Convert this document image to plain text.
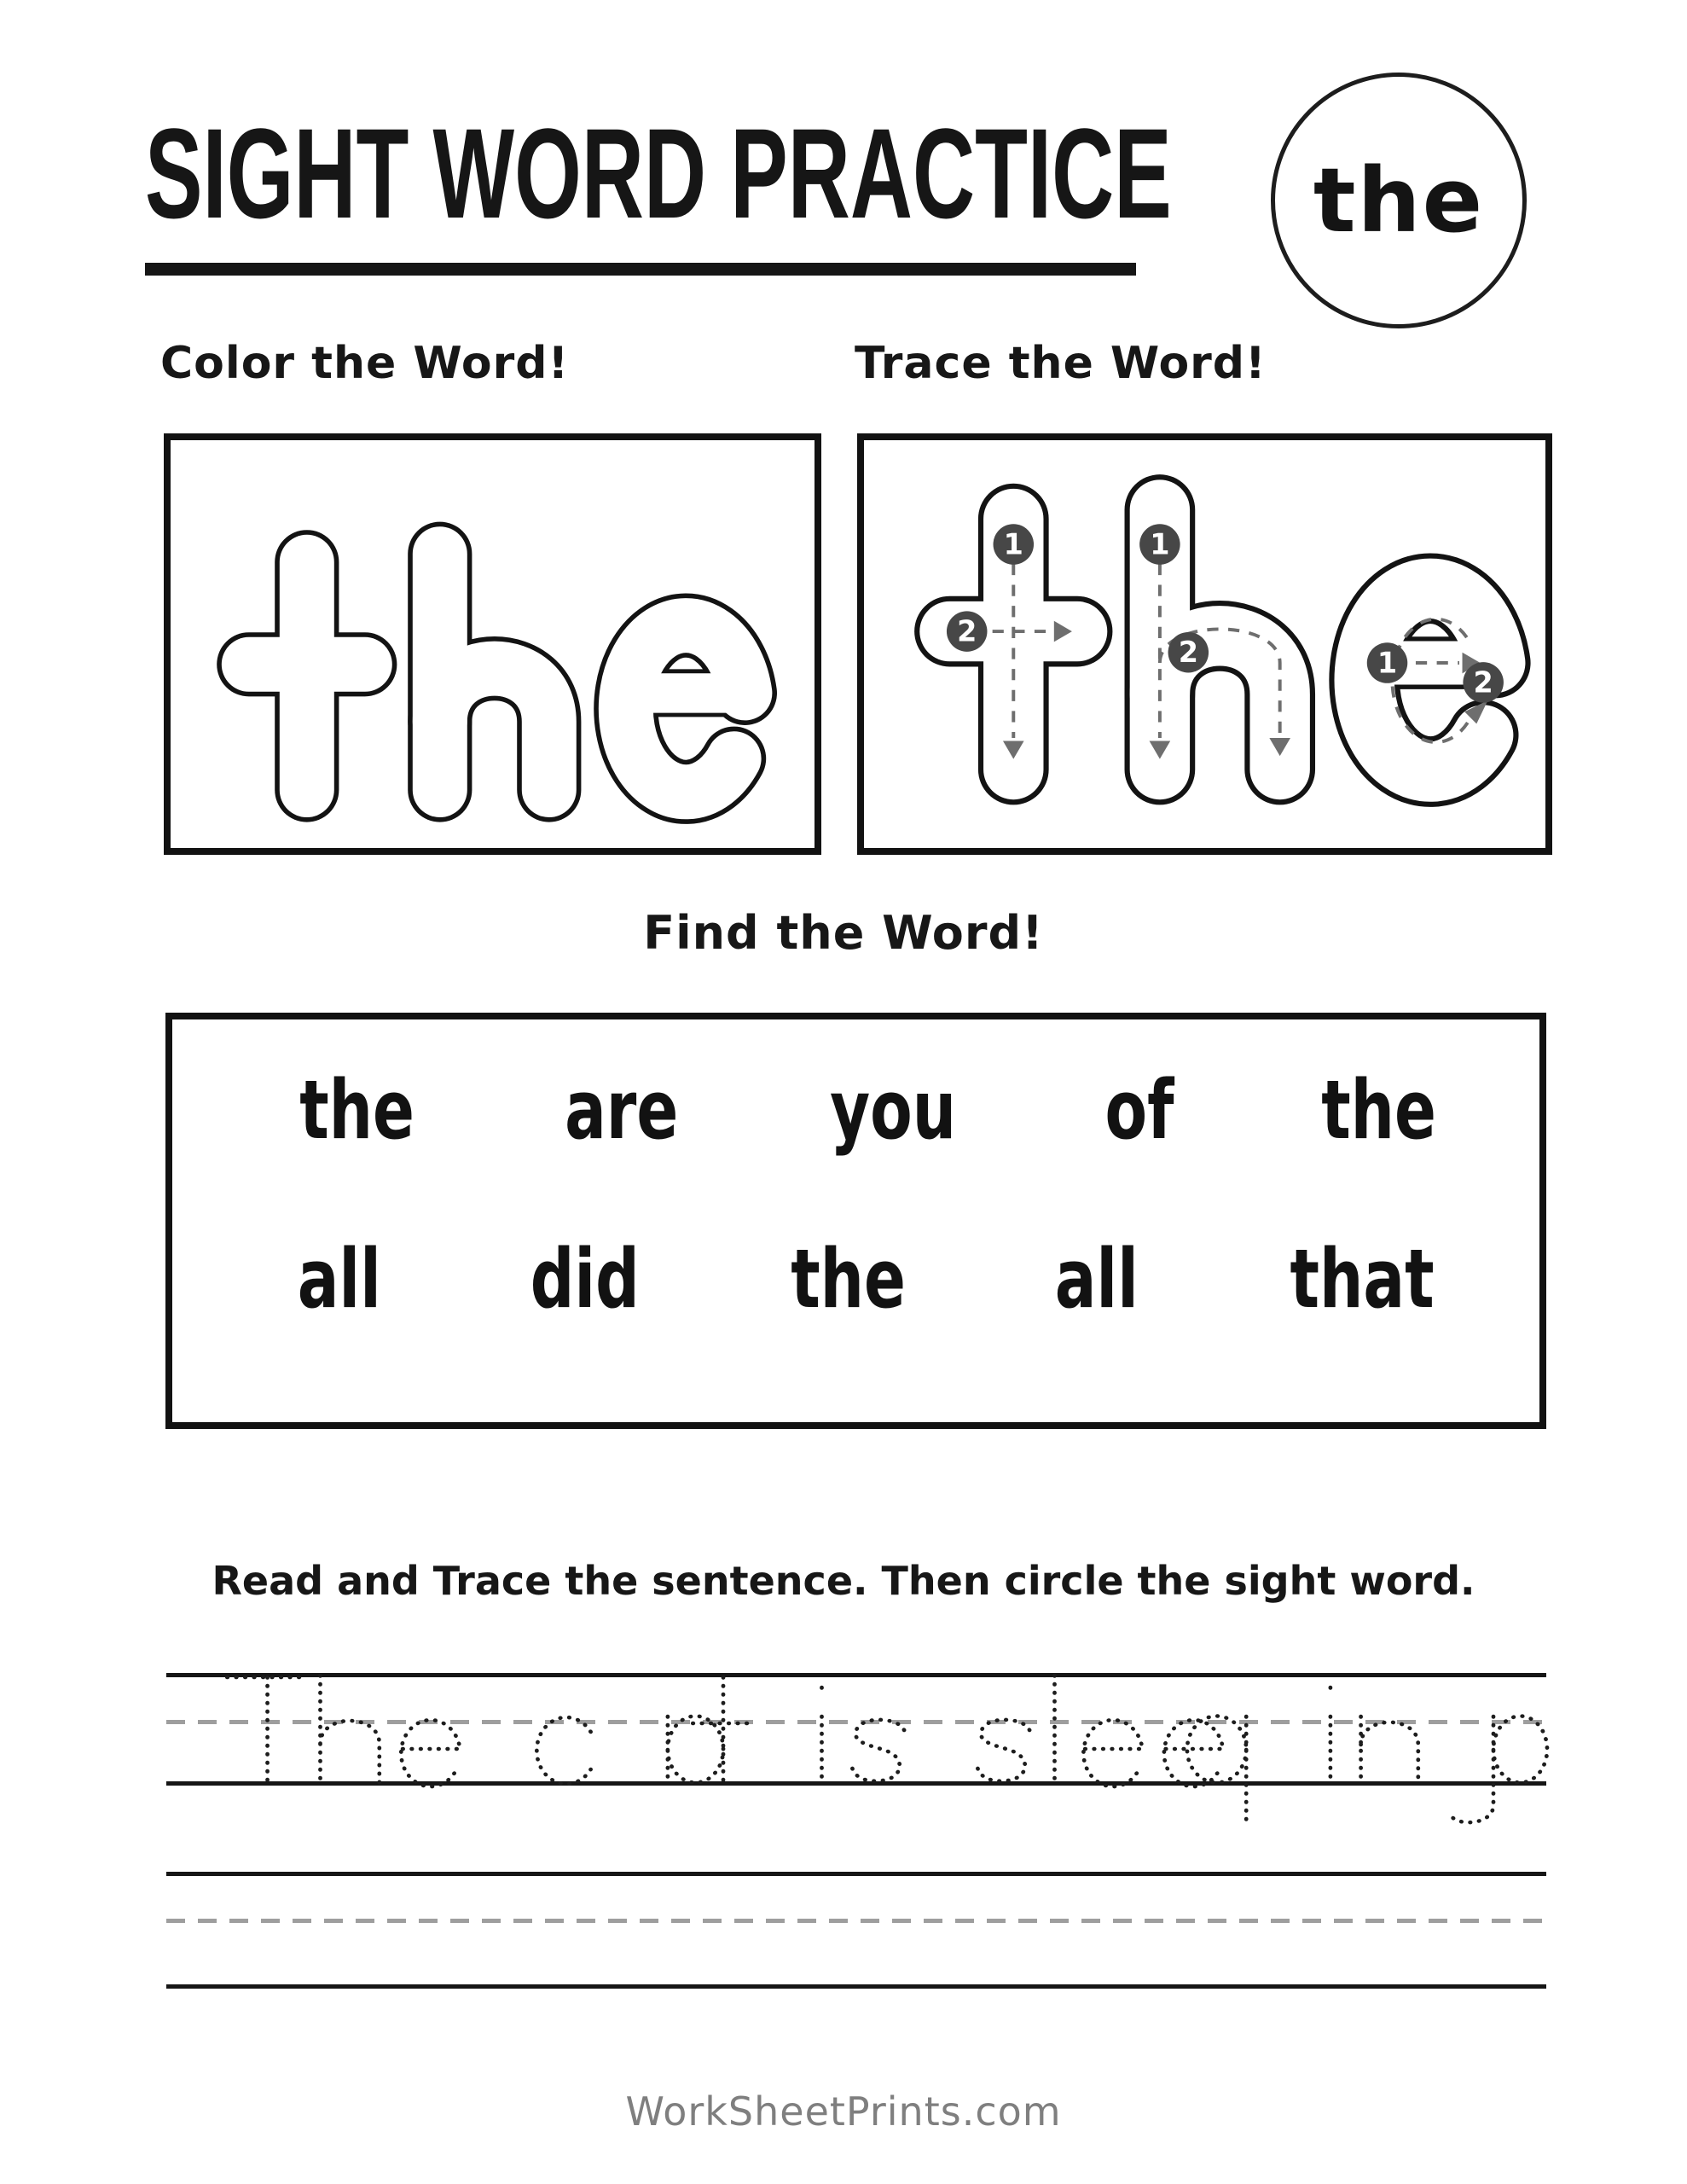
SIGHT WORD PRACTICE the
Color the Word!	Trace the Word!
1
2
1
2	1
2
Find the Word!
the are you of the
all did the all that
Read and Trace the sentence. Then circle the sight word.
WorkSheetPrints.com
